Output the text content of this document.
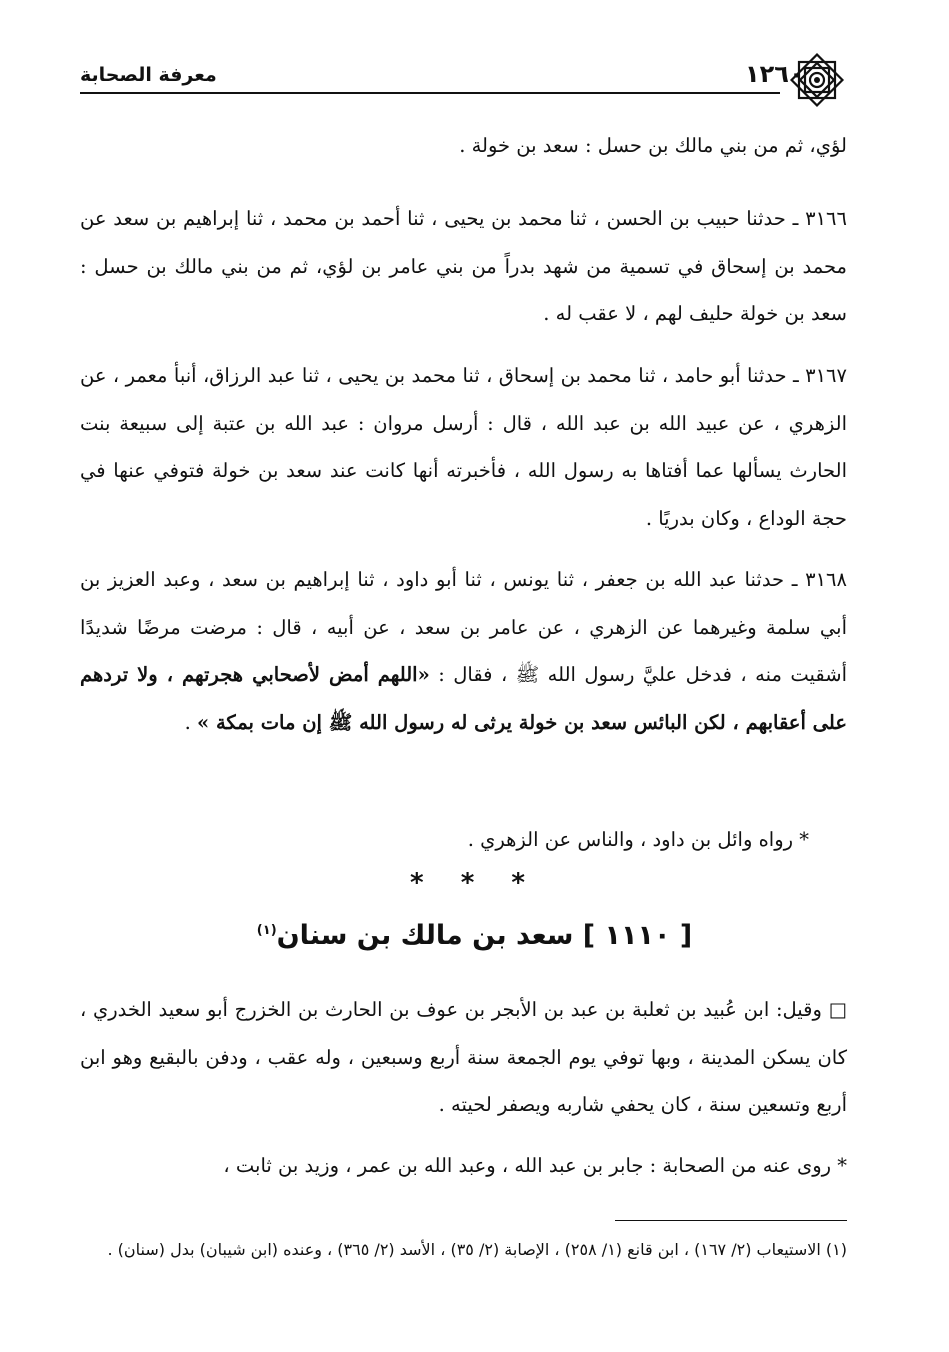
معرفة الصحابة	١٢٦٠

لؤي، ثم من بني مالك بن حسل : سعد بن خولة .

٣١٦٦ ـ حدثنا حبيب بن الحسن ، ثنا محمد بن يحيى ، ثنا أحمد بن محمد ، ثنا إبراهيم بن سعد عن محمد بن إسحاق في تسمية من شهد بدراً من بني عامر بن لؤي، ثم من بني مالك بن حسل : سعد بن خولة حليف لهم ، لا عقب له .

٣١٦٧ ـ حدثنا أبو حامد ، ثنا محمد بن إسحاق ، ثنا محمد بن يحيى ، ثنا عبد الرزاق، أنبأ معمر ، عن الزهري ، عن عبيد الله بن عبد الله ، قال : أرسل مروان : عبد الله بن عتبة إلى سبيعة بنت الحارث يسألها عما أفتاها به رسول الله ، فأخبرته أنها كانت عند سعد بن خولة فتوفي عنها في حجة الوداع ، وكان بدريًا .

٣١٦٨ ـ حدثنا عبد الله بن جعفر ، ثنا يونس ، ثنا أبو داود ، ثنا إبراهيم بن سعد ، وعبد العزيز بن أبي سلمة وغيرهما عن الزهري ، عن عامر بن سعد ، عن أبيه ، قال : مرضت مرضًا شديدًا أشقيت منه ، فدخل عليَّ رسول الله ﷺ ، فقال : «اللهم أمض لأصحابي هجرتهم ، ولا تردهم على أعقابهم ، لكن البائس سعد بن خولة يرثى له رسول الله ﷺ إن مات بمكة » .

* رواه وائل بن داود ، والناس عن الزهري .

* * *
[ ١١١٠ ] سعد بن مالك بن سنان$^{(١)}$

□ وقيل: ابن عُبيد بن ثعلبة بن عبد بن الأبجر بن عوف بن الحارث بن الخزرج أبو سعيد الخدري ، كان يسكن المدينة ، وبها توفي يوم الجمعة سنة أربع وسبعين ، وله عقب ، ودفن بالبقيع وهو ابن أربع وتسعين سنة ، كان يحفي شاربه ويصفر لحيته .

* روى عنه من الصحابة : جابر بن عبد الله ، وعبد الله بن عمر ، وزيد بن ثابت ،

(١) الاستيعاب (٢/ ١٦٧) ، ابن قانع (١/ ٢٥٨) ، الإصابة (٢/ ٣٥) ، الأسد (٢/ ٣٦٥) ، وعنده (ابن شيبان) بدل (سنان) .
